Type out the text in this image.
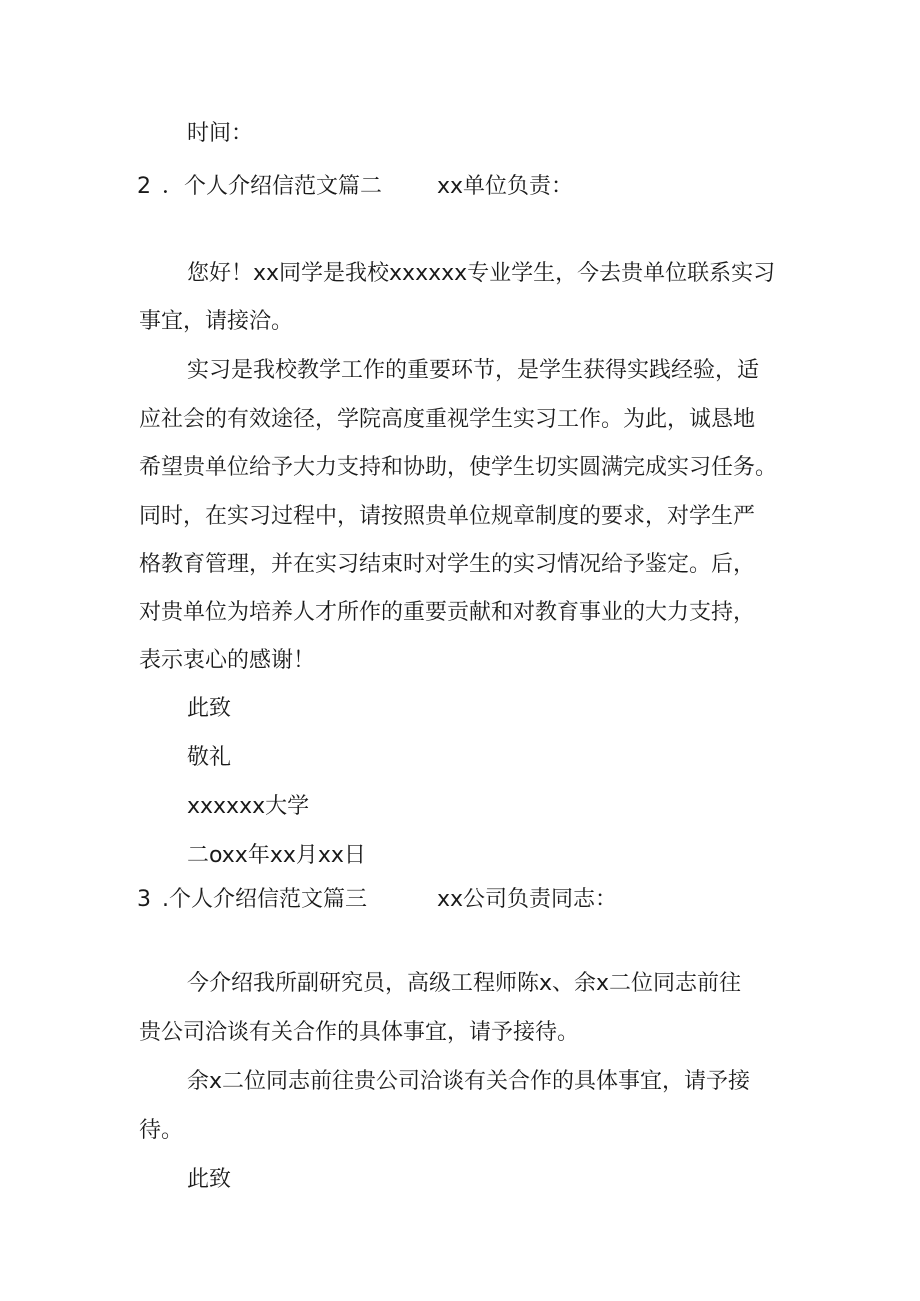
时间：
2 ．个人介绍信范文篇二 xx单位负责：
您好！xx同学是我校xxxxxx专业学生，今去贵单位联系实习
事宜，请接洽。
实习是我校教学工作的重要环节，是学生获得实践经验，适
应社会的有效途径，学院高度重视学生实习工作。为此，诚恳地
希望贵单位给予大力支持和协助，使学生切实圆满完成实习任务。
同时，在实习过程中，请按照贵单位规章制度的要求，对学生严
格教育管理，并在实习结束时对学生的实习情况给予鉴定。后，
对贵单位为培养人才所作的重要贡献和对教育事业的大力支持，
表示衷心的感谢！
此致
敬礼
xxxxxx大学
二oxx年xx月xx日
3 .个人介绍信范文篇三	xx公司负责同志：
今介绍我所副研究员，高级工程师陈x、余x二位同志前往
贵公司洽谈有关合作的具体事宜，请予接待。
余x二位同志前往贵公司洽谈有关合作的具体事宜，请予接
待。
此致
